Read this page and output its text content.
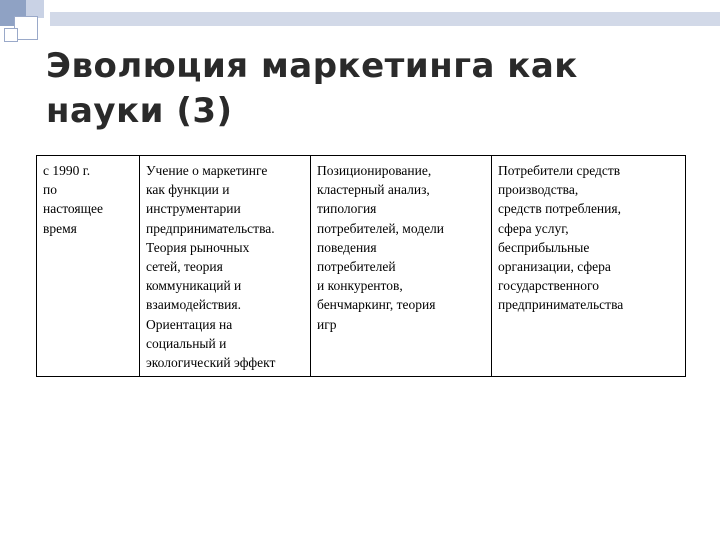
Эволюция маркетинга как
науки (3)
с 1990 г.
по
настоящее
время	Учение о маркетинге
как функции и
инструментарии
предпринимательства.
Теория рыночных
сетей, теория
коммуникаций и
взаимодействия.
Ориентация на
социальный и
экологический эффект	Позиционирование,
кластерный анализ,
типология
потребителей, модели
поведения
потребителей
и конкурентов,
бенчмаркинг, теория
игр	Потребители средств
производства,
средств потребления,
сфера услуг,
бесприбыльные
организации, сфера
государственного
предпринимательства
